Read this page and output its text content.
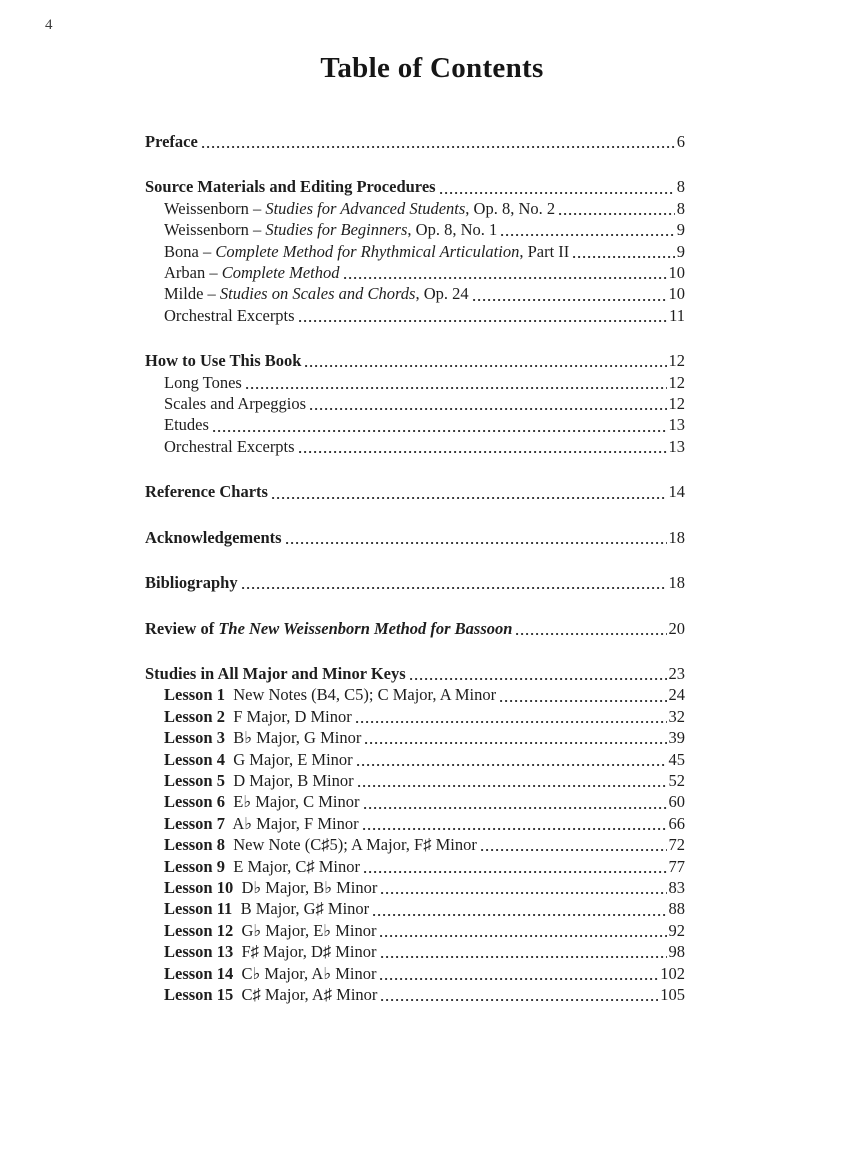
4
Table of Contents
Preface	6
Source Materials and Editing Procedures	8
Weissenborn – Studies for Advanced Students, Op. 8, No. 2	8
Weissenborn – Studies for Beginners, Op. 8, No. 1	9
Bona – Complete Method for Rhythmical Articulation, Part II	9
Arban – Complete Method	10
Milde – Studies on Scales and Chords, Op. 24	10
Orchestral Excerpts	11
How to Use This Book	12
Long Tones	12
Scales and Arpeggios	12
Etudes	13
Orchestral Excerpts	13
Reference Charts	14
Acknowledgements	18
Bibliography	18
Review of The New Weissenborn Method for Bassoon	20
Studies in All Major and Minor Keys	23
Lesson 1  New Notes (B4, C5); C Major, A Minor	24
Lesson 2  F Major, D Minor	32
Lesson 3  B♭ Major, G Minor	39
Lesson 4  G Major, E Minor	45
Lesson 5  D Major, B Minor	52
Lesson 6  E♭ Major, C Minor	60
Lesson 7  A♭ Major, F Minor	66
Lesson 8  New Note (C♯5); A Major, F♯ Minor	72
Lesson 9  E Major, C♯ Minor	77
Lesson 10  D♭ Major, B♭ Minor	83
Lesson 11  B Major, G♯ Minor	88
Lesson 12  G♭ Major, E♭ Minor	92
Lesson 13  F♯ Major, D♯ Minor	98
Lesson 14  C♭ Major, A♭ Minor	102
Lesson 15  C♯ Major, A♯ Minor	105
